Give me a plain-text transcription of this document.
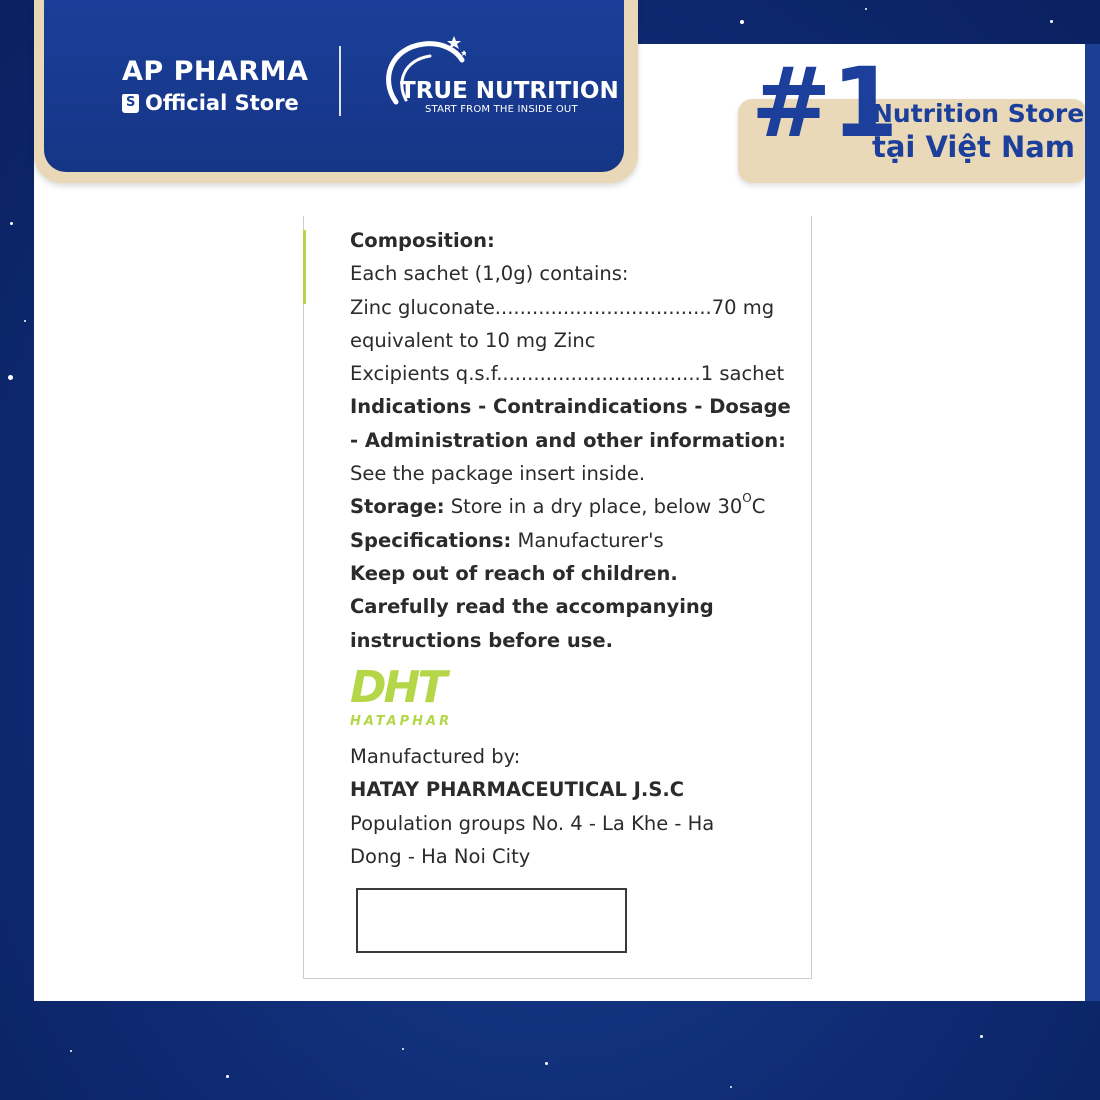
AP PHARMA
S
Official Store	TRUE NUTRITION
START FROM THE INSIDE OUT #1
Nutrition Store
tại Việt Nam
Composition:
Each sachet (1,0g) contains:
Zinc gluconate...................................70 mg
equivalent to 10 mg Zinc
Excipients q.s.f.................................1 sachet
Indications - Contraindications - Dosage
- Administration and other information:
See the package insert inside.
Storage: Store in a dry place, below $30^OC$
Specifications: Manufacturer's
Keep out of reach of children.
Carefully read the accompanying
instructions before use.
DHT
HATAPHAR
Manufactured by:
HATAY PHARMACEUTICAL J.S.C
Population groups No. 4 - La Khe - Ha
Dong - Ha Noi City
